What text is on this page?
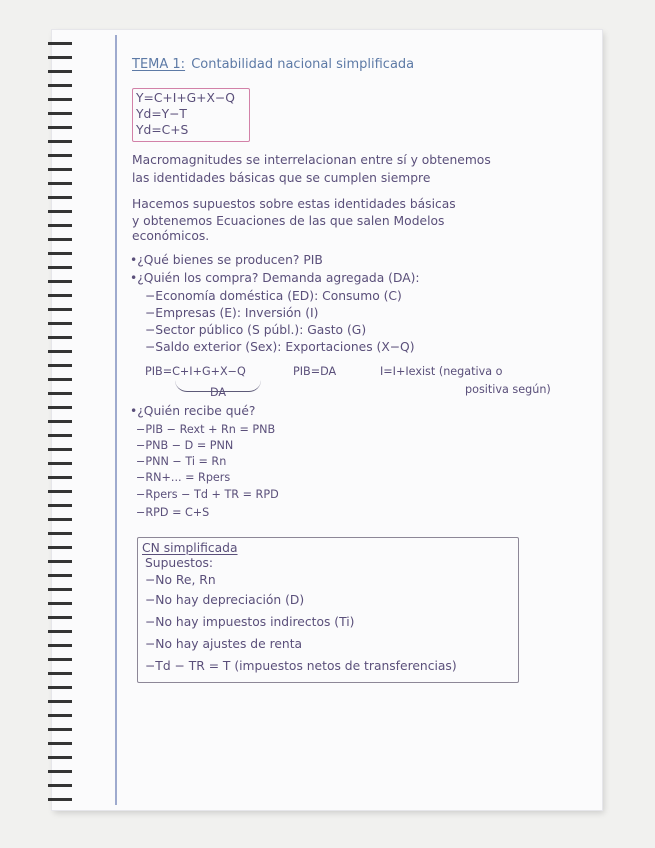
TEMA 1: Contabilidad nacional simplificada
Y=C+I+G+X−Q
Yd=Y−T
Yd=C+S
Macromagnitudes se interrelacionan entre sí y obtenemos
las identidades básicas que se cumplen siempre
Hacemos supuestos sobre estas identidades básicas
y obtenemos Ecuaciones de las que salen Modelos
económicos.
•¿Qué bienes se producen? PIB
•¿Quién los compra? Demanda agregada (DA):
−Economía doméstica (ED): Consumo (C)
−Empresas (E): Inversión (I)
−Sector público (S públ.): Gasto (G)
−Saldo exterior (Sex): Exportaciones (X−Q)
PIB=C+I+G+X−Q
DA
PIB=DA	I=I+Iexist (negativa o
positiva según)
•¿Quién recibe qué?
−PIB − Rext + Rn = PNB
−PNB − D = PNN
−PNN − Ti = Rn
−RN+... = Rpers
−Rpers − Td + TR = RPD
−RPD = C+S
CN simplificada
Supuestos:
−No Re, Rn
−No hay depreciación (D)
−No hay impuestos indirectos (Ti)
−No hay ajustes de renta
−Td − TR = T (impuestos netos de transferencias)
